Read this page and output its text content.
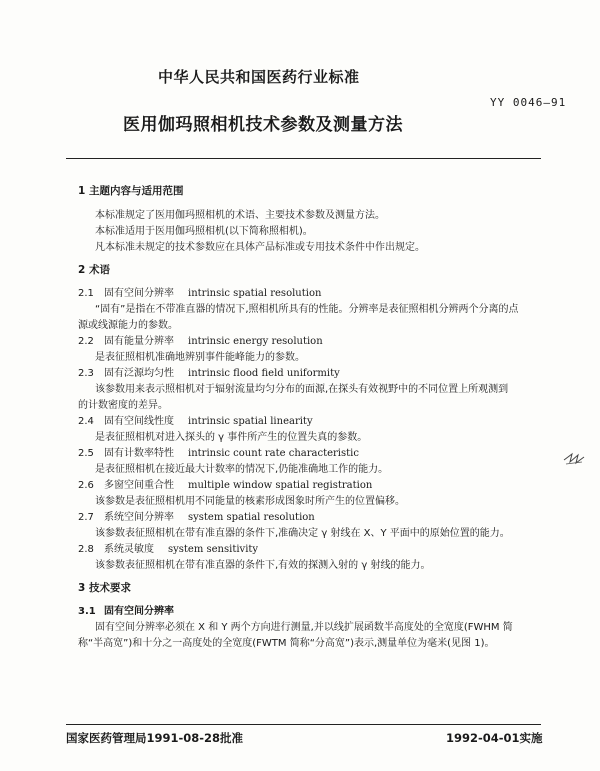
中华人民共和国医药行业标准
YY 0046—91
医用伽玛照相机技术参数及测量方法
1 主题内容与适用范围
本标准规定了医用伽玛照相机的术语、主要技术参数及测量方法。
本标准适用于医用伽玛照相机(以下简称照相机)。
凡本标准未规定的技术参数应在具体产品标准或专用技术条件中作出规定。
2 术语
2.1 固有空间分辨率 intrinsic spatial resolution
“固有”是指在不带准直器的情况下,照相机所具有的性能。分辨率是表征照相机分辨两个分离的点
源或线源能力的参数。
2.2 固有能量分辨率 intrinsic energy resolution
是表征照相机准确地辨别事件能峰能力的参数。
2.3 固有泛源均匀性 intrinsic flood field uniformity
该参数用来表示照相机对于辐射流量均匀分布的面源,在探头有效视野中的不同位置上所观测到
的计数密度的差异。
2.4 固有空间线性度 intrinsic spatial linearity
是表征照相机对进入探头的 γ 事件所产生的位置失真的参数。
2.5 固有计数率特性 intrinsic count rate characteristic
是表征照相机在接近最大计数率的情况下,仍能准确地工作的能力。
2.6 多窗空间重合性 multiple window spatial registration
该参数是表征照相机用不同能量的核素形成图象时所产生的位置偏移。
2.7 系统空间分辨率 system spatial resolution
该参数表征照相机在带有准直器的条件下,准确决定 γ 射线在 X、Y 平面中的原始位置的能力。
2.8 系统灵敏度 system sensitivity
该参数表征照相机在带有准直器的条件下,有效的探测入射的 γ 射线的能力。
3 技术要求
3.1 固有空间分辨率
固有空间分辨率必须在 X 和 Y 两个方向进行测量,并以线扩展函数半高度处的全宽度(FWHM 简
称“半高宽”)和十分之一高度处的全宽度(FWTM 简称“分高宽”)表示,测量单位为毫米(见图 1)。
国家医药管理局1991-08-28批准	1992-04-01实施
